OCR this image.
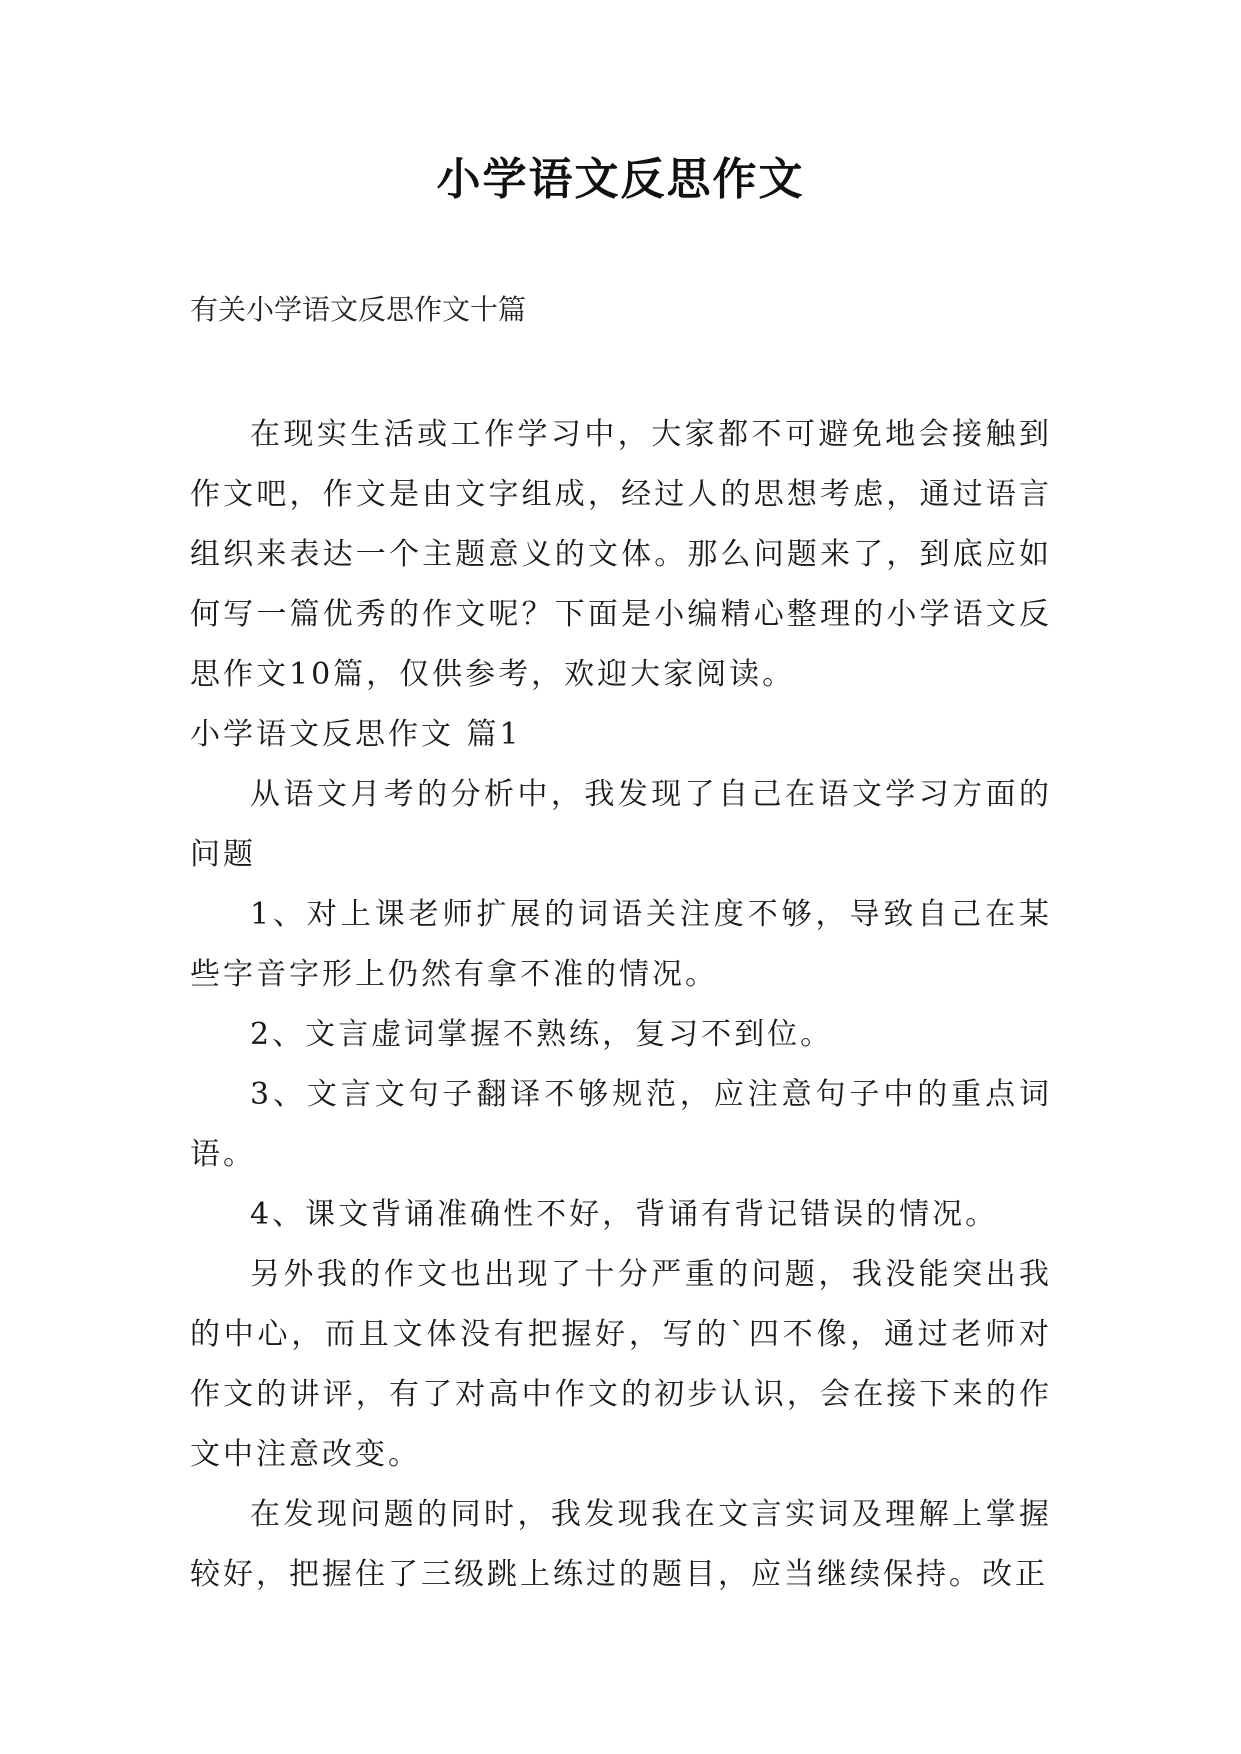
小学语文反思作文
有关小学语文反思作文十篇

在现实生活或工作学习中，大家都不可避免地会接触到作文吧，作文是由文字组成，经过人的思想考虑，通过语言组织来表达一个主题意义的文体。那么问题来了，到底应如何写一篇优秀的作文呢？下面是小编精心整理的小学语文反思作文10篇，仅供参考，欢迎大家阅读。

小学语文反思作文 篇1

从语文月考的分析中，我发现了自己在语文学习方面的问题

1、对上课老师扩展的词语关注度不够，导致自己在某些字音字形上仍然有拿不准的情况。

2、文言虚词掌握不熟练，复习不到位。

3、文言文句子翻译不够规范，应注意句子中的重点词语。

4、课文背诵准确性不好，背诵有背记错误的情况。

另外我的作文也出现了十分严重的问题，我没能突出我的中心，而且文体没有把握好，写的`四不像，通过老师对作文的讲评，有了对高中作文的初步认识，会在接下来的作文中注意改变。

在发现问题的同时，我发现我在文言实词及理解上掌握较好，把握住了三级跳上练过的题目，应当继续保持。改正
